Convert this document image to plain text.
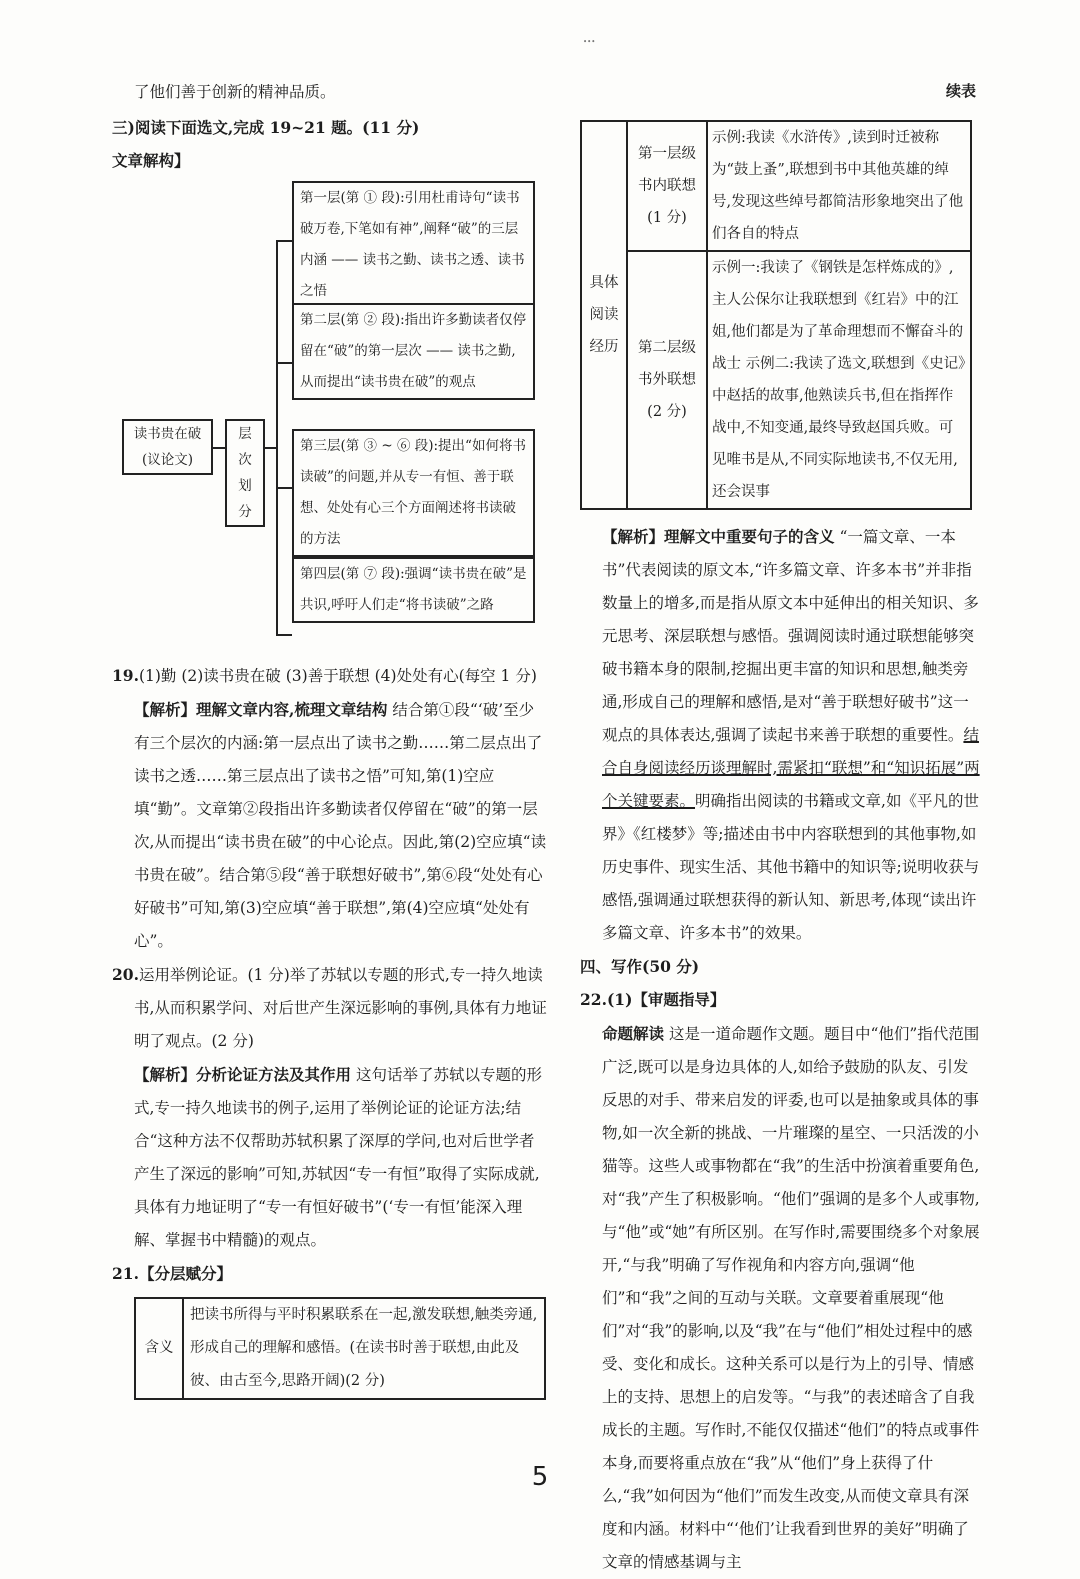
•••
续表

了他们善于创新的精神品质。

三)阅读下面选文,完成 19~21 题。(11 分)

文章解构】

读书贵在破
(议论文)
层次
划分
第一层(第 ① 段):引用杜甫诗句“读书破万卷,下笔如有神”,阐释“破”的三层内涵 —— 读书之勤、读书之透、读书之悟
第二层(第 ② 段):指出许多勤读者仅停留在“破”的第一层次 —— 读书之勤,从而提出“读书贵在破”的观点
第三层(第 ③ ~ ⑥ 段):提出“如何将书读破”的问题,并从专一有恒、善于联想、处处有心三个方面阐述将书读破的方法
第四层(第 ⑦ 段):强调“读书贵在破”是共识,呼吁人们走“将书读破”之路

19.(1)勤 (2)读书贵在破 (3)善于联想 (4)处处有心(每空 1 分)

【解析】理解文章内容,梳理文章结构 结合第①段“‘破’至少有三个层次的内涵:第一层点出了读书之勤……第二层点出了读书之透……第三层点出了读书之悟”可知,第(1)空应填“勤”。文章第②段指出许多勤读者仅停留在“破”的第一层次,从而提出“读书贵在破”的中心论点。因此,第(2)空应填“读书贵在破”。结合第⑤段“善于联想好破书”,第⑥段“处处有心好破书”可知,第(3)空应填“善于联想”,第(4)空应填“处处有心”。

20.运用举例论证。(1 分)举了苏轼以专题的形式,专一持久地读书,从而积累学问、对后世产生深远影响的事例,具体有力地证明了观点。(2 分)

【解析】分析论证方法及其作用 这句话举了苏轼以专题的形式,专一持久地读书的例子,运用了举例论证的论证方法;结合“这种方法不仅帮助苏轼积累了深厚的学问,也对后世学者产生了深远的影响”可知,苏轼因“专一有恒”取得了实际成就,具体有力地证明了“专一有恒好破书”(‘专一有恒’能深入理解、掌握书中精髓)的观点。

21.【分层赋分】

含义	把读书所得与平时积累联系在一起,激发联想,触类旁通,形成自己的理解和感悟。(在读书时善于联想,由此及彼、由古至今,思路开阔)(2 分)
具体阅读经历	第一层级书内联想(1 分)	示例:我读《水浒传》,读到时迁被称为“鼓上蚤”,联想到书中其他英雄的绰号,发现这些绰号都简洁形象地突出了他们各自的特点
	第二层级书外联想(2 分)	示例一:我读了《钢铁是怎样炼成的》,主人公保尔让我联想到《红岩》中的江姐,他们都是为了革命理想而不懈奋斗的战士 示例二:我读了选文,联想到《史记》中赵括的故事,他熟读兵书,但在指挥作战中,不知变通,最终导致赵国兵败。可见唯书是从,不同实际地读书,不仅无用,还会误事

【解析】理解文中重要句子的含义 “一篇文章、一本书”代表阅读的原文本,“许多篇文章、许多本书”并非指数量上的增多,而是指从原文本中延伸出的相关知识、多元思考、深层联想与感悟。强调阅读时通过联想能够突破书籍本身的限制,挖掘出更丰富的知识和思想,触类旁通,形成自己的理解和感悟,是对“善于联想好破书”这一观点的具体表达,强调了读起书来善于联想的重要性。结合自身阅读经历谈理解时,需紧扣“联想”和“知识拓展”两个关键要素。明确指出阅读的书籍或文章,如《平凡的世界》《红楼梦》等;描述由书中内容联想到的其他事物,如历史事件、现实生活、其他书籍中的知识等;说明收获与感悟,强调通过联想获得的新认知、新思考,体现“读出许多篇文章、许多本书”的效果。

四、写作(50 分)

22.(1)【审题指导】

命题解读 这是一道命题作文题。题目中“他们”指代范围广泛,既可以是身边具体的人,如给予鼓励的队友、引发反思的对手、带来启发的评委,也可以是抽象或具体的事物,如一次全新的挑战、一片璀璨的星空、一只活泼的小猫等。这些人或事物都在“我”的生活中扮演着重要角色,对“我”产生了积极影响。“他们”强调的是多个人或事物,与“他”或“她”有所区别。在写作时,需要围绕多个对象展开,“与我”明确了写作视角和内容方向,强调“他们”和“我”之间的互动与关联。文章要着重展现“他们”对“我”的影响,以及“我”在与“他们”相处过程中的感受、变化和成长。这种关系可以是行为上的引导、情感上的支持、思想上的启发等。“与我”的表述暗含了自我成长的主题。写作时,不能仅仅描述“他们”的特点或事件本身,而要将重点放在“我”从“他们”身上获得了什么,“我”如何因为“他们”而发生改变,从而使文章具有深度和内涵。材料中“‘他们’让我看到世界的美好”明确了文章的情感基调与主

5
